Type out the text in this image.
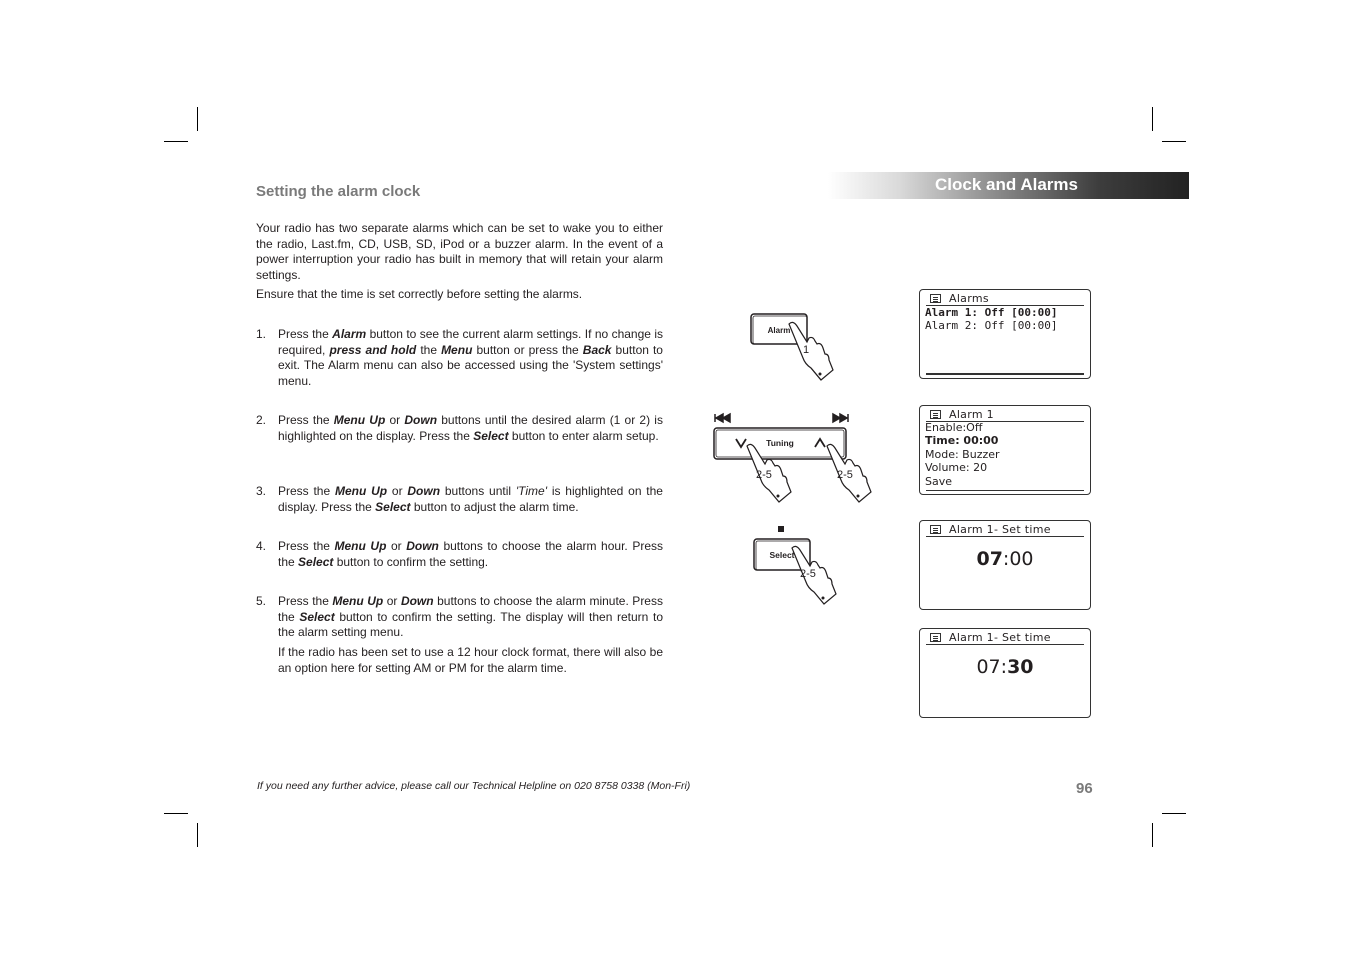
Setting the alarm clock	Clock and Alarms
Your radio has two separate alarms which can be set to wake you to either the radio, Last.fm, CD, USB, SD, iPod or a buzzer alarm. In the event of a power interruption your radio has built in memory that will retain your alarm settings.
Ensure that the time is set correctly before setting the alarms.
1. Press the Alarm button to see the current alarm settings. If no change is required, press and hold the Menu button or press the Back button to exit. The Alarm menu can also be accessed using the 'System settings' menu.
2. Press the Menu Up or Down buttons until the desired alarm (1 or 2) is highlighted on the display. Press the Select button to enter alarm setup.
3. Press the Menu Up or Down buttons until 'Time' is highlighted on the display. Press the Select button to adjust the alarm time.
4. Press the Menu Up or Down buttons to choose the alarm hour. Press the Select button to confirm the setting.
5. Press the Menu Up or Down buttons to choose the alarm minute. Press the Select button to confirm the setting. The display will then return to the alarm setting menu.
If the radio has been set to use a 12 hour clock format, there will also be an option here for setting AM or PM for the alarm time.
Alarm
1
Tuning
2-5	2-5
Select
2-5
Alarms
Alarm 1: Off [00:00]
Alarm 2: Off [00:00]
Alarm 1
Enable:Off
Time: 00:00
Mode: Buzzer
Volume: 20
Save
Alarm 1- Set time
07:00
Alarm 1- Set time
07:30
If you need any further advice, please call our Technical Helpline on 020 8758 0338 (Mon-Fri)	96
